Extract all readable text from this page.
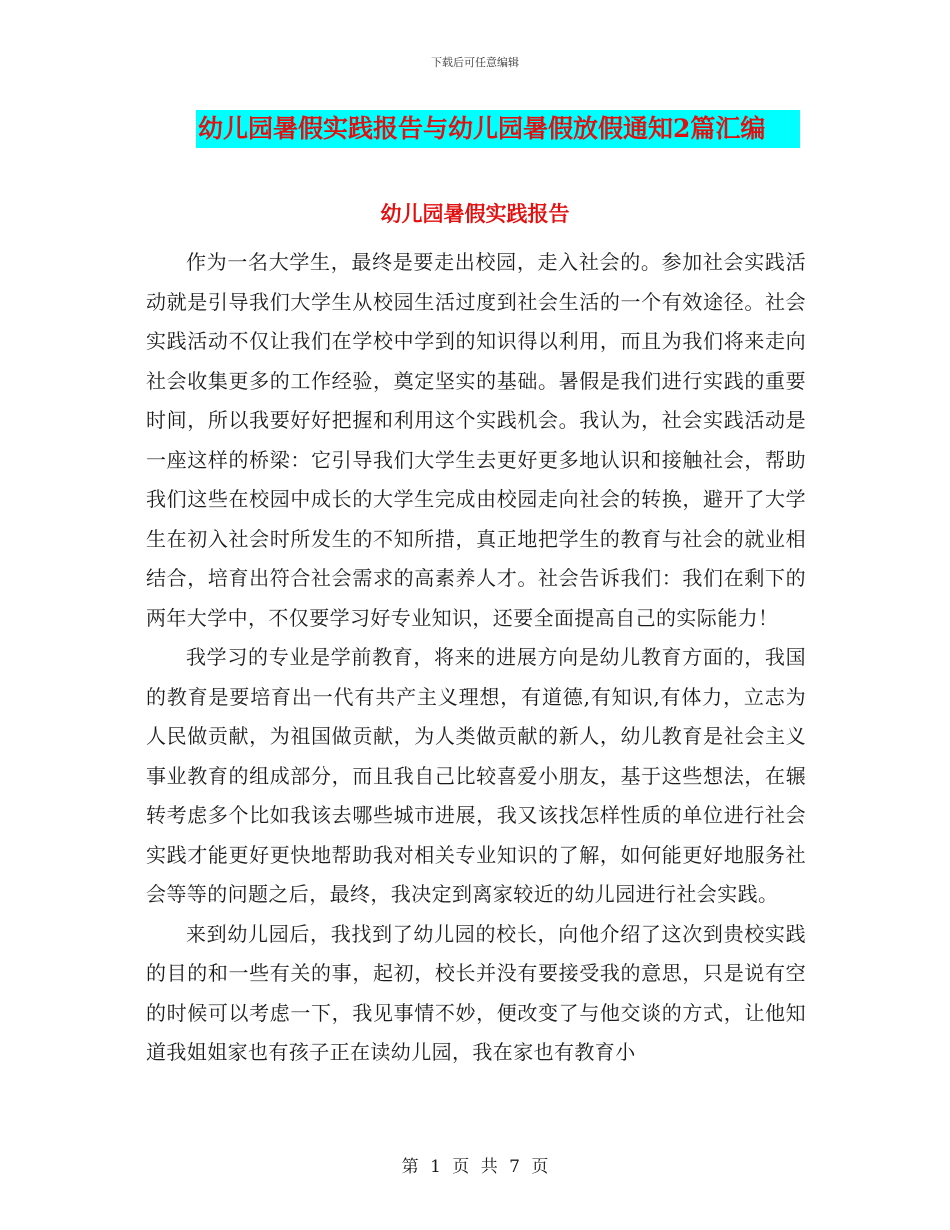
下载后可任意编辑
幼儿园暑假实践报告与幼儿园暑假放假通知2篇汇编
幼儿园暑假实践报告

作为一名大学生，最终是要走出校园，走入社会的。参加社会实践活动就是引导我们大学生从校园生活过度到社会生活的一个有效途径。社会实践活动不仅让我们在学校中学到的知识得以利用，而且为我们将来走向社会收集更多的工作经验，奠定坚实的基础。暑假是我们进行实践的重要时间，所以我要好好把握和利用这个实践机会。我认为，社会实践活动是一座这样的桥梁：它引导我们大学生去更好更多地认识和接触社会，帮助我们这些在校园中成长的大学生完成由校园走向社会的转换，避开了大学生在初入社会时所发生的不知所措，真正地把学生的教育与社会的就业相结合，培育出符合社会需求的高素养人才。社会告诉我们：我们在剩下的两年大学中，不仅要学习好专业知识，还要全面提高自己的实际能力！

我学习的专业是学前教育，将来的进展方向是幼儿教育方面的，我国的教育是要培育出一代有共产主义理想，有道德,有知识,有体力，立志为人民做贡献，为祖国做贡献，为人类做贡献的新人，幼儿教育是社会主义事业教育的组成部分，而且我自己比较喜爱小朋友，基于这些想法，在辗转考虑多个比如我该去哪些城市进展，我又该找怎样性质的单位进行社会实践才能更好更快地帮助我对相关专业知识的了解，如何能更好地服务社会等等的问题之后，最终，我决定到离家较近的幼儿园进行社会实践。

来到幼儿园后，我找到了幼儿园的校长，向他介绍了这次到贵校实践的目的和一些有关的事，起初，校长并没有要接受我的意思，只是说有空的时候可以考虑一下，我见事情不妙，便改变了与他交谈的方式，让他知道我姐姐家也有孩子正在读幼儿园，我在家也有教育小

第 1 页 共 7 页
